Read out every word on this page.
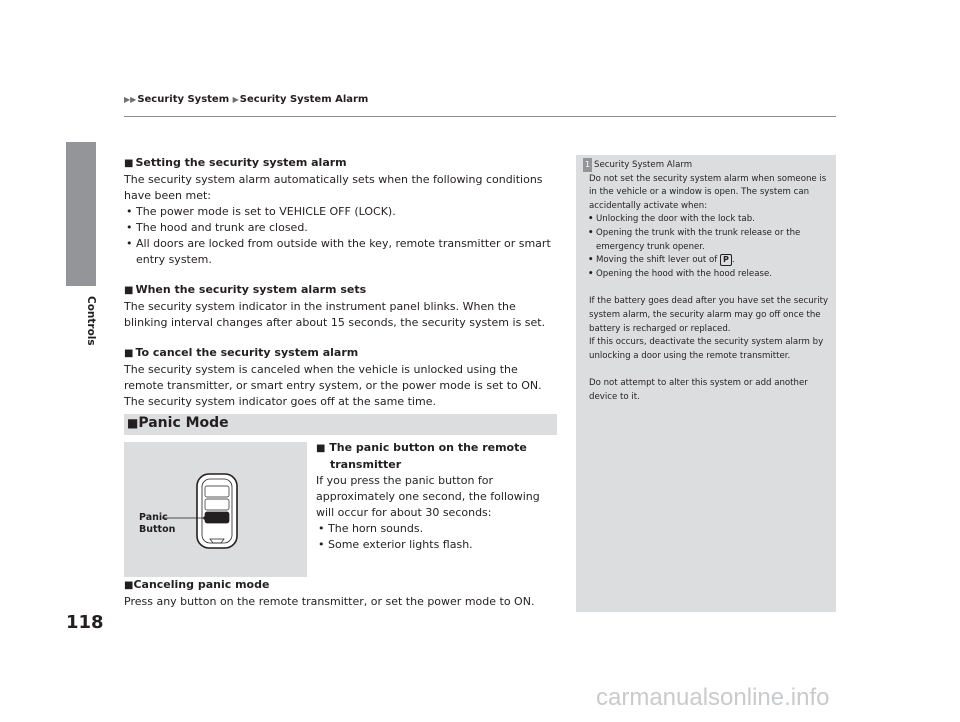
▶▶Security System ▶Security System Alarm
Controls
118

■ Setting the security system alarm

The security system alarm automatically sets when the following conditions have been met:

• The power mode is set to VEHICLE OFF (LOCK).
• The hood and trunk are closed.
• All doors are locked from outside with the key, remote transmitter or smart entry system.

■ When the security system alarm sets

The security system indicator in the instrument panel blinks. When the blinking interval changes after about 15 seconds, the security system is set.

■ To cancel the security system alarm

The security system is canceled when the vehicle is unlocked using the remote transmitter, or smart entry system, or the power mode is set to ON. The security system indicator goes off at the same time.

■Panic Mode
Panic
Button

■ The panic button on the remote

transmitter

If you press the panic button for approximately one second, the following will occur for about 30 seconds:

• The horn sounds.
• Some exterior lights flash.

■Canceling panic mode

Press any button on the remote transmitter, or set the power mode to ON.

1 Security System Alarm

Do not set the security system alarm when someone is in the vehicle or a window is open. The system can accidentally activate when:

• Unlocking the door with the lock tab.
• Opening the trunk with the trunk release or the emergency trunk opener.
• Moving the shift lever out of P .
• Opening the hood with the hood release.

If the battery goes dead after you have set the security system alarm, the security alarm may go off once the battery is recharged or replaced.

If this occurs, deactivate the security system alarm by unlocking a door using the remote transmitter.

Do not attempt to alter this system or add another device to it.

carmanualsonline.info
